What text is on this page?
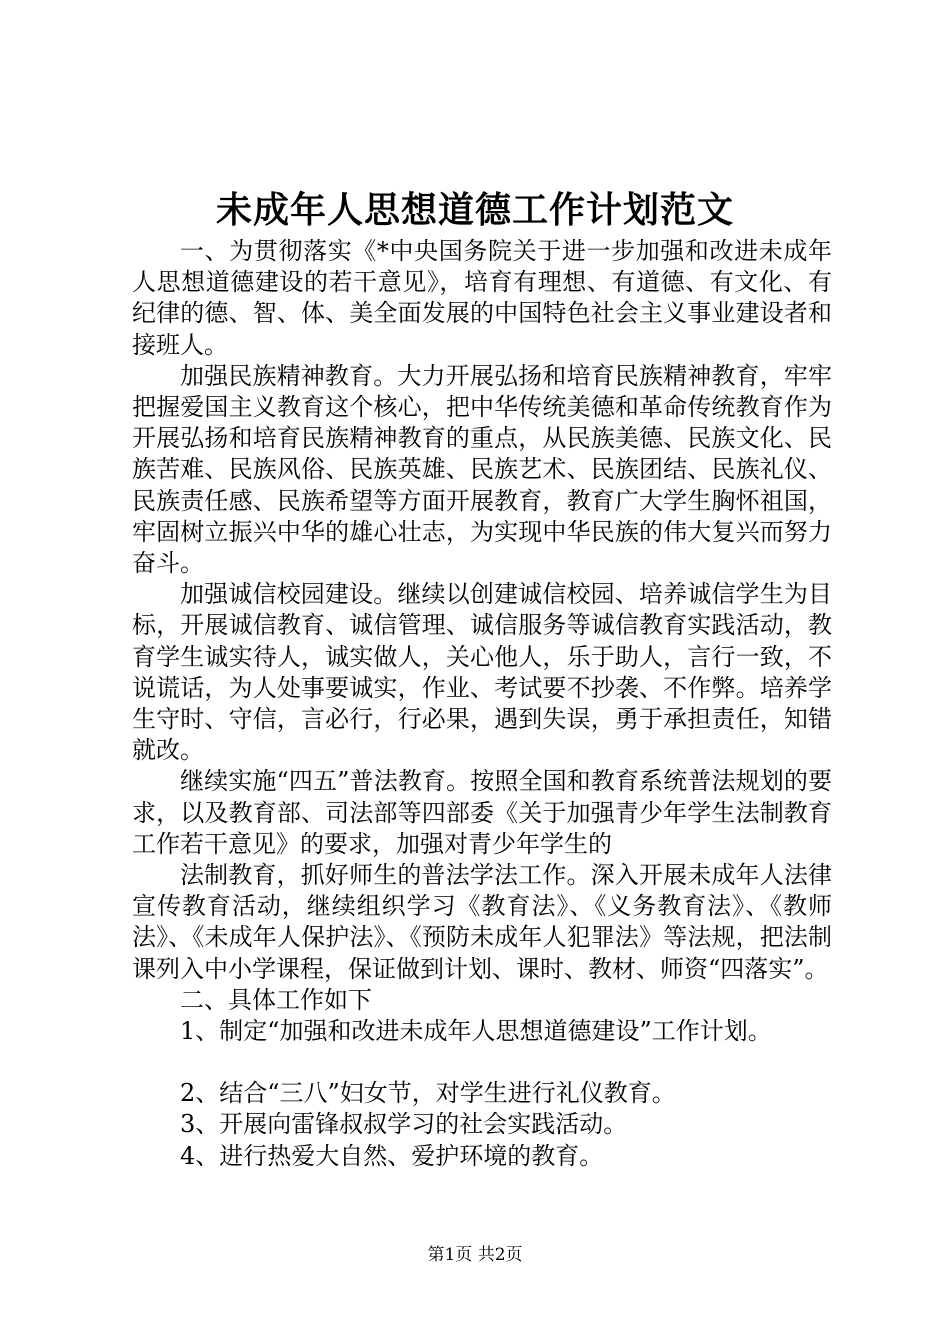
未成年人思想道德工作计划范文

一、为贯彻落实《*中央国务院关于进一步加强和改进未成年人思想道德建设的若干意见》，培育有理想、有道德、有文化、有纪律的德、智、体、美全面发展的中国特色社会主义事业建设者和接班人。

加强民族精神教育。大力开展弘扬和培育民族精神教育，牢牢把握爱国主义教育这个核心，把中华传统美德和革命传统教育作为开展弘扬和培育民族精神教育的重点，从民族美德、民族文化、民族苦难、民族风俗、民族英雄、民族艺术、民族团结、民族礼仪、民族责任感、民族希望等方面开展教育，教育广大学生胸怀祖国，牢固树立振兴中华的雄心壮志，为实现中华民族的伟大复兴而努力奋斗。

加强诚信校园建设。继续以创建诚信校园、培养诚信学生为目标，开展诚信教育、诚信管理、诚信服务等诚信教育实践活动，教育学生诚实待人，诚实做人，关心他人，乐于助人，言行一致，不说谎话，为人处事要诚实，作业、考试要不抄袭、不作弊。培养学生守时、守信，言必行，行必果，遇到失误，勇于承担责任，知错就改。

继续实施“四五”普法教育。按照全国和教育系统普法规划的要求，以及教育部、司法部等四部委《关于加强青少年学生法制教育工作若干意见》的要求，加强对青少年学生的

法制教育，抓好师生的普法学法工作。深入开展未成年人法律宣传教育活动，继续组织学习《教育法》、《义务教育法》、《教师法》、《未成年人保护法》、《预防未成年人犯罪法》等法规，把法制课列入中小学课程，保证做到计划、课时、教材、师资“四落实”。

二、具体工作如下

1、制定“加强和改进未成年人思想道德建设”工作计划。

2、结合“三八”妇女节，对学生进行礼仪教育。

3、开展向雷锋叔叔学习的社会实践活动。

4、进行热爱大自然、爱护环境的教育。

第1页 共2页
